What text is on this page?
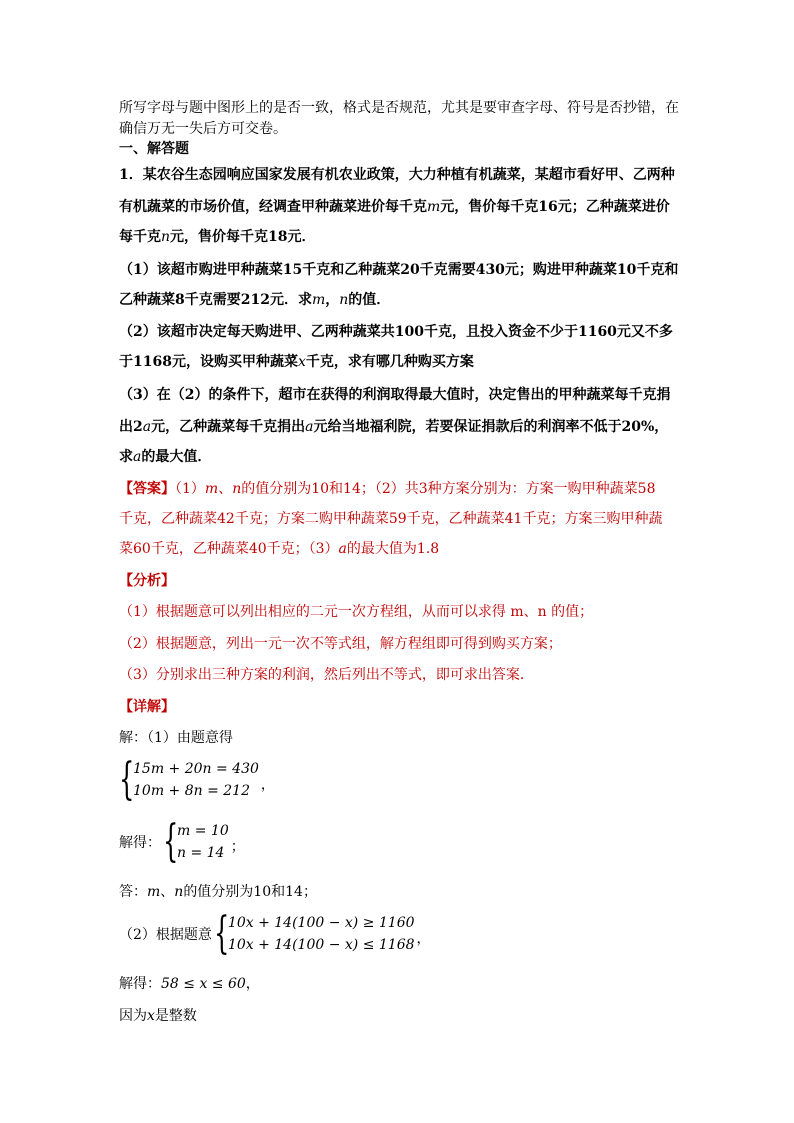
所写字母与题中图形上的是否一致，格式是否规范，尤其是要审查字母、符号是否抄错，在
确信万无一失后方可交卷。
一、解答题
1．某农谷生态园响应国家发展有机农业政策，大力种植有机蔬菜，某超市看好甲、乙两种
有机蔬菜的市场价值，经调查甲种蔬菜进价每千克m元，售价每千克16元；乙种蔬菜进价
每千克n元，售价每千克18元．
（1）该超市购进甲种蔬菜15千克和乙种蔬菜20千克需要430元；购进甲种蔬菜10千克和
乙种蔬菜8千克需要212元．求m，n的值．
（2）该超市决定每天购进甲、乙两种蔬菜共100千克，且投入资金不少于1160元又不多
于1168元，设购买甲种蔬菜x千克，求有哪几种购买方案
（3）在（2）的条件下，超市在获得的利润取得最大值时，决定售出的甲种蔬菜每千克捐
出2a元，乙种蔬菜每千克捐出a元给当地福利院，若要保证捐款后的利润率不低于20%，
求a的最大值．
【答案】（1）m、n的值分别为10和14；（2）共3种方案分别为：方案一购甲种蔬菜58
千克，乙种蔬菜42千克；方案二购甲种蔬菜59千克，乙种蔬菜41千克；方案三购甲种蔬
菜60千克，乙种蔬菜40千克；（3）a的最大值为1.8
【分析】
（1）根据题意可以列出相应的二元一次方程组，从而可以求得 m、n 的值；
（2）根据题意，列出一元一次不等式组，解方程组即可得到购买方案；
（3）分别求出三种方案的利润，然后列出不等式，即可求出答案．
【详解】
解：（1）由题意得
{
15m + 20n = 430
10m + 8n = 212 ，
解得： {
m = 10
n = 14 ；
答：m、n的值分别为10和14；
（2）根据题意 {
10x + 14(100 − x) ≥ 1160
10x + 14(100 − x) ≤ 1168 ，
解得：58 ≤ x ≤ 60，
因为x是整数
